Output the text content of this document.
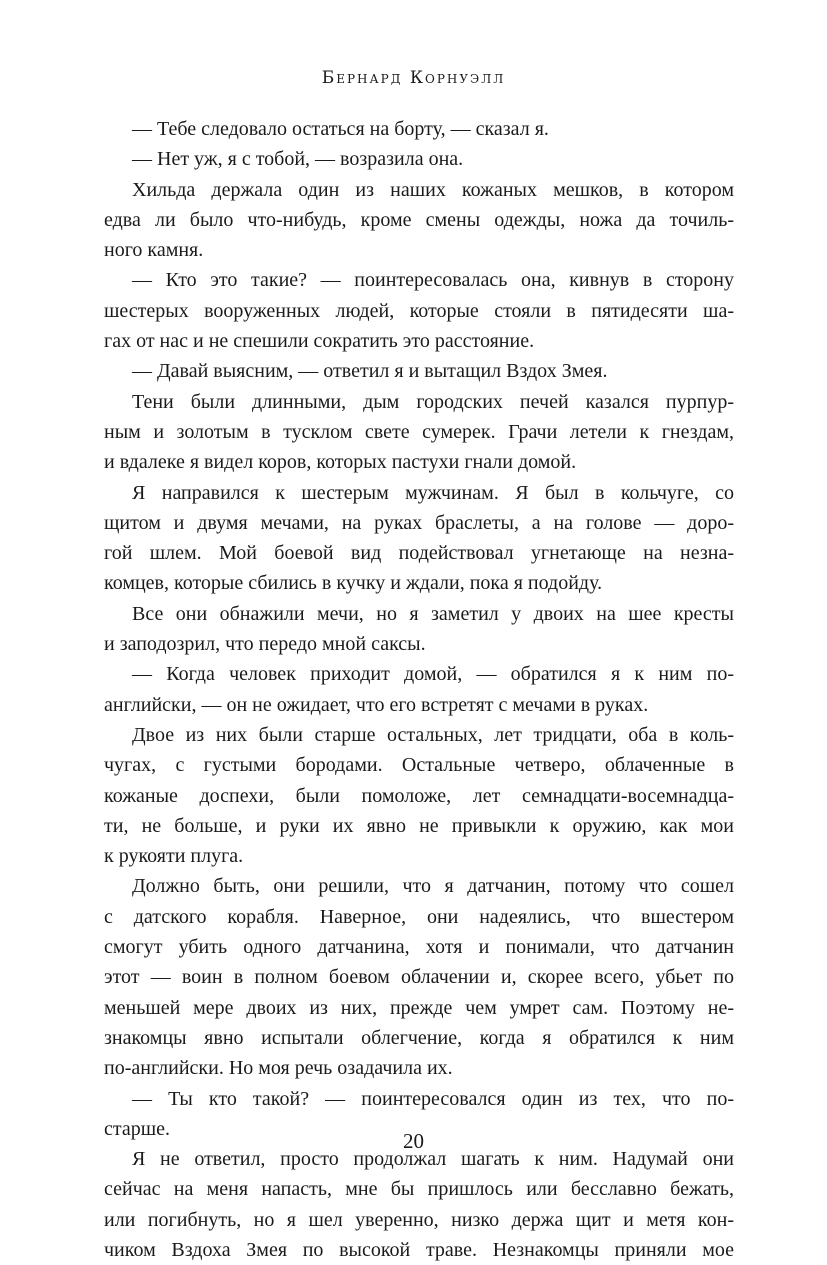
Бернард Корнуэлл

— Тебе следовало остаться на борту, — сказал я.
— Нет уж, я с тобой, — возразила она.
Хильда держала один из наших кожаных мешков, в котором
едва ли было что-нибудь, кроме смены одежды, ножа да точиль-
ного камня.
— Кто это такие? — поинтересовалась она, кивнув в сторону
шестерых вооруженных людей, которые стояли в пятидесяти ша-
гах от нас и не спешили сократить это расстояние.
— Давай выясним, — ответил я и вытащил Вздох Змея.
Тени были длинными, дым городских печей казался пурпур-
ным и золотым в тусклом свете сумерек. Грачи летели к гнездам,
и вдалеке я видел коров, которых пастухи гнали домой.
Я направился к шестерым мужчинам. Я был в кольчуге, со
щитом и двумя мечами, на руках браслеты, а на голове — доро-
гой шлем. Мой боевой вид подействовал угнетающе на незна-
комцев, которые сбились в кучку и ждали, пока я подойду.
Все они обнажили мечи, но я заметил у двоих на шее кресты
и заподозрил, что передо мной саксы.
— Когда человек приходит домой, — обратился я к ним по-
английски, — он не ожидает, что его встретят с мечами в руках.
Двое из них были старше остальных, лет тридцати, оба в коль-
чугах, с густыми бородами. Остальные четверо, облаченные в
кожаные доспехи, были помоложе, лет семнадцати-восемнадца-
ти, не больше, и руки их явно не привыкли к оружию, как мои
к рукояти плуга.
Должно быть, они решили, что я датчанин, потому что сошел
с датского корабля. Наверное, они надеялись, что вшестером
смогут убить одного датчанина, хотя и понимали, что датчанин
этот — воин в полном боевом облачении и, скорее всего, убьет по
меньшей мере двоих из них, прежде чем умрет сам. Поэтому не-
знакомцы явно испытали облегчение, когда я обратился к ним
по-английски. Но моя речь озадачила их.
— Ты кто такой? — поинтересовался один из тех, что по-
старше.
Я не ответил, просто продолжал шагать к ним. Надумай они
сейчас на меня напасть, мне бы пришлось или бесславно бежать,
или погибнуть, но я шел уверенно, низко держа щит и метя кон-
чиком Вздоха Змея по высокой траве. Незнакомцы приняли мое

20
